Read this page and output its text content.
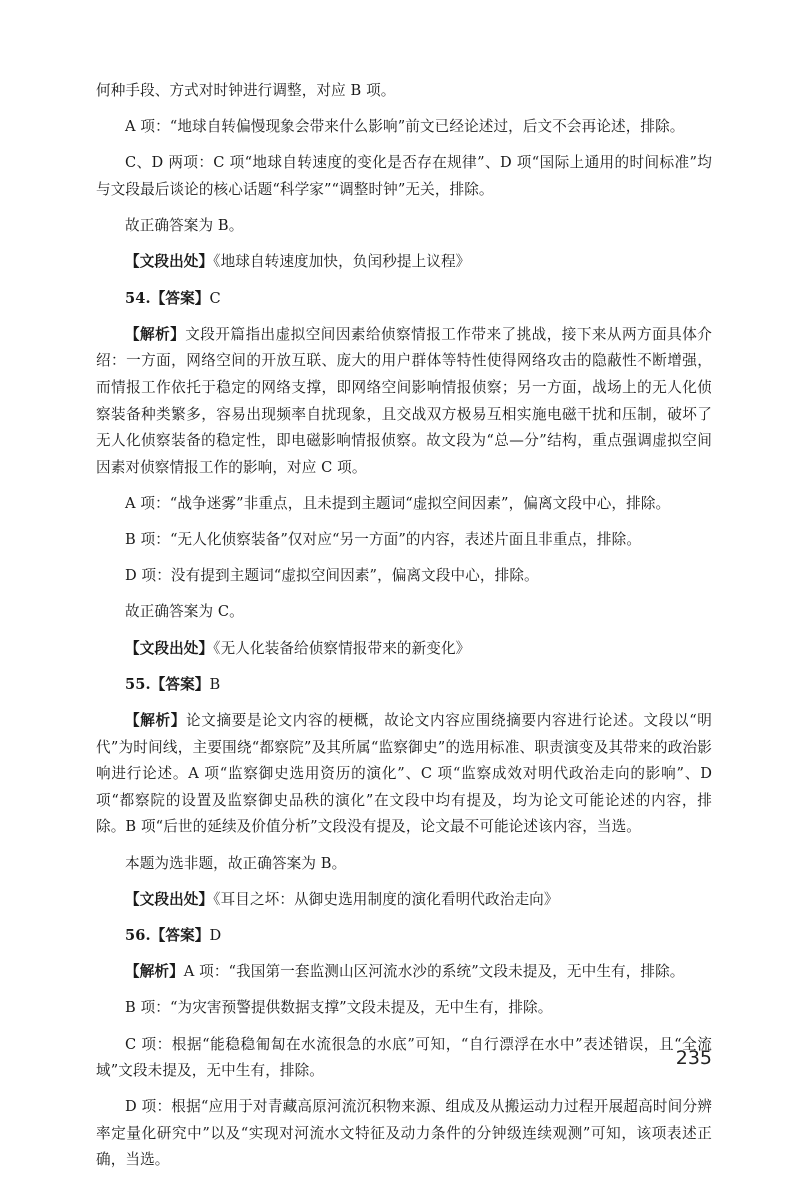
何种手段、方式对时钟进行调整，对应 B 项。

A 项：“地球自转偏慢现象会带来什么影响”前文已经论述过，后文不会再论述，排除。

C、D 两项：C 项“地球自转速度的变化是否存在规律”、D 项“国际上通用的时间标准”均与文段最后谈论的核心话题“科学家”“调整时钟”无关，排除。

故正确答案为 B。

【文段出处】《地球自转速度加快，负闰秒提上议程》

54.【答案】C

【解析】文段开篇指出虚拟空间因素给侦察情报工作带来了挑战，接下来从两方面具体介绍：一方面，网络空间的开放互联、庞大的用户群体等特性使得网络攻击的隐蔽性不断增强，而情报工作依托于稳定的网络支撑，即网络空间影响情报侦察；另一方面，战场上的无人化侦察装备种类繁多，容易出现频率自扰现象，且交战双方极易互相实施电磁干扰和压制，破坏了无人化侦察装备的稳定性，即电磁影响情报侦察。故文段为“总—分”结构，重点强调虚拟空间因素对侦察情报工作的影响，对应 C 项。

A 项：“战争迷雾”非重点，且未提到主题词“虚拟空间因素”，偏离文段中心，排除。

B 项：“无人化侦察装备”仅对应“另一方面”的内容，表述片面且非重点，排除。

D 项：没有提到主题词“虚拟空间因素”，偏离文段中心，排除。

故正确答案为 C。

【文段出处】《无人化装备给侦察情报带来的新变化》

55.【答案】B

【解析】论文摘要是论文内容的梗概，故论文内容应围绕摘要内容进行论述。文段以“明代”为时间线，主要围绕“都察院”及其所属“监察御史”的选用标准、职责演变及其带来的政治影响进行论述。A 项“监察御史选用资历的演化”、C 项“监察成效对明代政治走向的影响”、D 项“都察院的设置及监察御史品秩的演化”在文段中均有提及，均为论文可能论述的内容，排除。B 项“后世的延续及价值分析”文段没有提及，论文最不可能论述该内容，当选。

本题为选非题，故正确答案为 B。

【文段出处】《耳目之坏：从御史选用制度的演化看明代政治走向》

56.【答案】D

【解析】A 项：“我国第一套监测山区河流水沙的系统”文段未提及，无中生有，排除。

B 项：“为灾害预警提供数据支撑”文段未提及，无中生有，排除。

C 项：根据“能稳稳匍匐在水流很急的水底”可知，“自行漂浮在水中”表述错误，且“全流域”文段未提及，无中生有，排除。

D 项：根据“应用于对青藏高原河流沉积物来源、组成及从搬运动力过程开展超高时间分辨率定量化研究中”以及“实现对河流水文特征及动力条件的分钟级连续观测”可知，该项表述正确，当选。

235
